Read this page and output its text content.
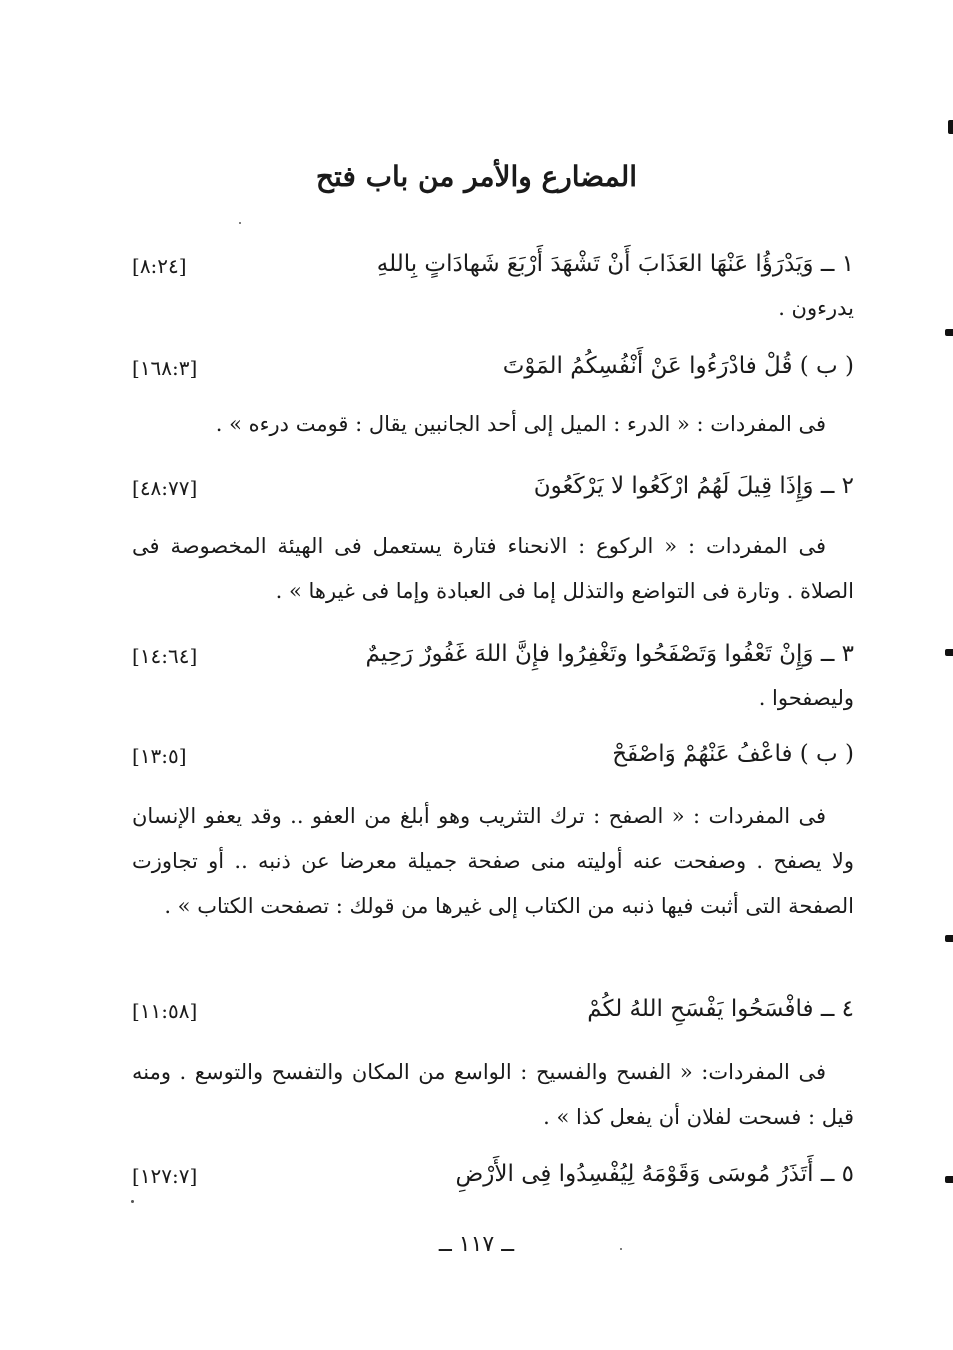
المضارع والأمر من باب فتح
١ ــ وَيَدْرَؤُا عَنْهَا العَذَابَ أَنْ تَشْهَدَ أَرْبَعَ شَهادَاتٍ بِاللهِ
[٨:٢٤]
يدرءون .
( ب ) قُلْ فادْرَءُوا عَنْ أَنْفُسِكُمُ المَوْتَ
[١٦٨:٣]

فى المفردات : « الدرء : الميل إلى أحد الجانبين يقال : قومت درءه » .

٢ ــ وَإِذَا قِيلَ لَهُمُ ارْكَعُوا لا يَرْكَعُونَ
[٤٨:٧٧]

فى المفردات : « الركوع : الانحناء فتارة يستعمل فى الهيئة المخصوصة فى الصلاة . وتارة فى التواضع والتذلل إما فى العبادة وإما فى غيرها » .

٣ ــ وَإِنْ تَعْفُوا وَتَصْفَحُوا وتَغْفِرُوا فإِنَّ اللهَ غَفُورٌ رَحِيمٌ
[١٤:٦٤]
وليصفحوا .
( ب ) فاعْفُ عَنْهُمْ وَاصْفَحْ
[١٣:٥]

فى المفردات : « الصفح : ترك التثريب وهو أبلغ من العفو .. وقد يعفو الإنسان ولا يصفح . وصفحت عنه أوليته منى صفحة جميلة معرضا عن ذنبه .. أو تجاوزت الصفحة التى أثبت فيها ذنبه من الكتاب إلى غيرها من قولك : تصفحت الكتاب » .

٤ ــ فافْسَحُوا يَفْسَحِ اللهُ لكُمْ
[١١:٥٨]

فى المفردات: « الفسح والفسيح : الواسع من المكان والتفسح والتوسع . ومنه قيل : فسحت لفلان أن يفعل كذا » .

٥ ــ أَتَذَرُ مُوسَى وَقَوْمَهُ لِيُفْسِدُوا فِى الأَرْضِ
[١٢٧:٧]
ــ ١١٧ ــ
